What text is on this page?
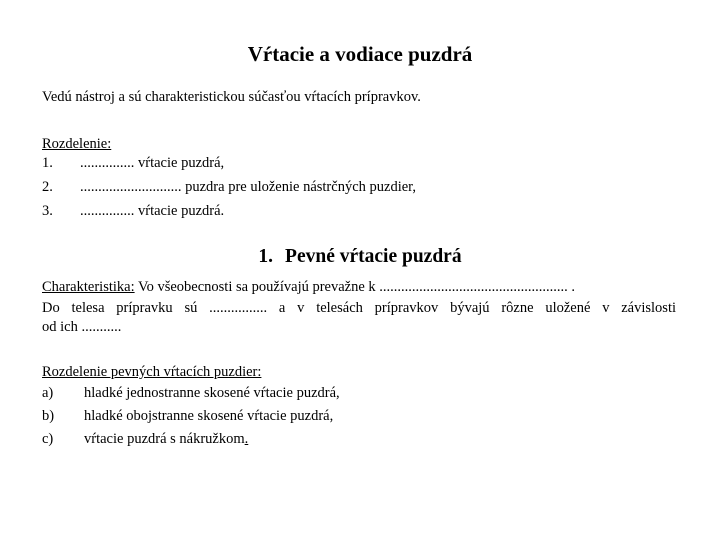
Vŕtacie a vodiace puzdrá
Vedú nástroj a sú charakteristickou súčasťou vŕtacích prípravkov.
Rozdelenie:
1. ............... vŕtacie puzdrá,
2. ............................ puzdra pre uloženie nástrčných puzdier,
3. ............... vŕtacie puzdrá.
1. Pevné vŕtacie puzdrá
Charakteristika: Vo všeobecnosti sa používajú prevažne k .................................................... .
Do telesa prípravku sú ................ a v telesách prípravkov bývajú rôzne uložené v závislosti
od ich ...........
Rozdelenie pevných vŕtacích puzdier:
a) hladké jednostranne skosené vŕtacie puzdrá,
b) hladké obojstranne skosené vŕtacie puzdrá,
c) vŕtacie puzdrá s nákružkom.
